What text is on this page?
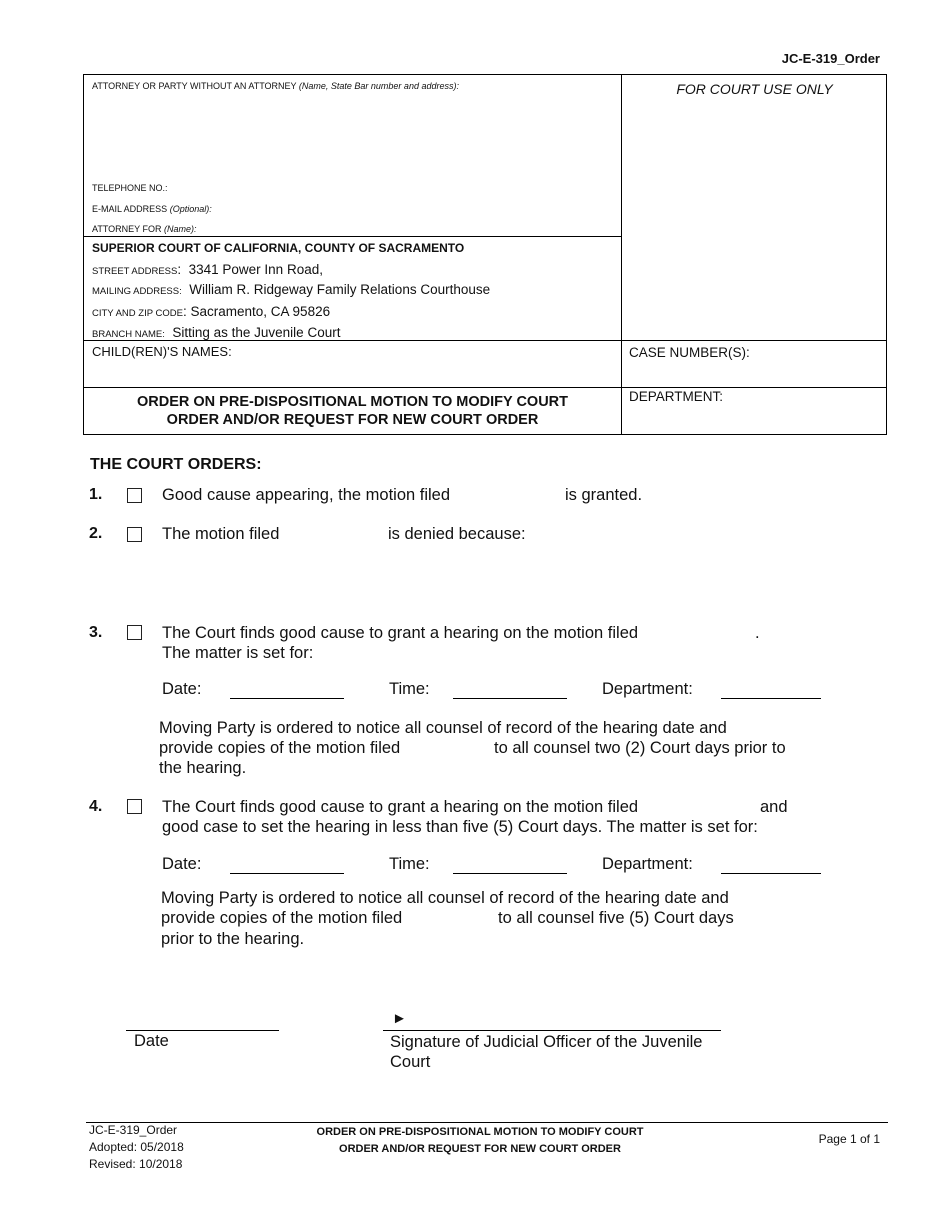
JC-E-319_Order
ATTORNEY OR PARTY WITHOUT AN ATTORNEY (Name, State Bar number and address):	FOR COURT USE ONLY
TELEPHONE NO.:
E-MAIL ADDRESS (Optional):
ATTORNEY FOR (Name):
SUPERIOR COURT OF CALIFORNIA, COUNTY OF SACRAMENTO
STREET ADDRESS:  3341 Power Inn Road,
MAILING ADDRESS: William R. Ridgeway Family Relations Courthouse
CITY AND ZIP CODE: Sacramento, CA 95826
BRANCH NAME: Sitting as the Juvenile Court
CHILD(REN)'S NAMES:	CASE NUMBER(S):
DEPARTMENT:
ORDER ON PRE-DISPOSITIONAL MOTION TO MODIFY COURT
ORDER AND/OR REQUEST FOR NEW COURT ORDER
THE COURT ORDERS:
1.	Good cause appearing, the motion filed	is granted.
2.	The motion filed	is denied because:
3.	The Court finds good cause to grant a hearing on the motion filed	.
The matter is set for:
Date:	Time:	Department:
Moving Party is ordered to notice all counsel of record of the hearing date and
provide copies of the motion filed	to all counsel two (2) Court days prior to
the hearing.
4.	The Court finds good cause to grant a hearing on the motion filed	and
good case to set the hearing in less than five (5) Court days. The matter is set for:
Date:	Time:	Department:
Moving Party is ordered to notice all counsel of record of the hearing date and
provide copies of the motion filed	to all counsel five (5) Court days
prior to the hearing.
Date
►
Signature of Judicial Officer of the Juvenile
Court
JC-E-319_Order
Adopted: 05/2018
Revised: 10/2018
ORDER ON PRE-DISPOSITIONAL MOTION TO MODIFY COURT
ORDER AND/OR REQUEST FOR NEW COURT ORDER
Page 1 of 1
